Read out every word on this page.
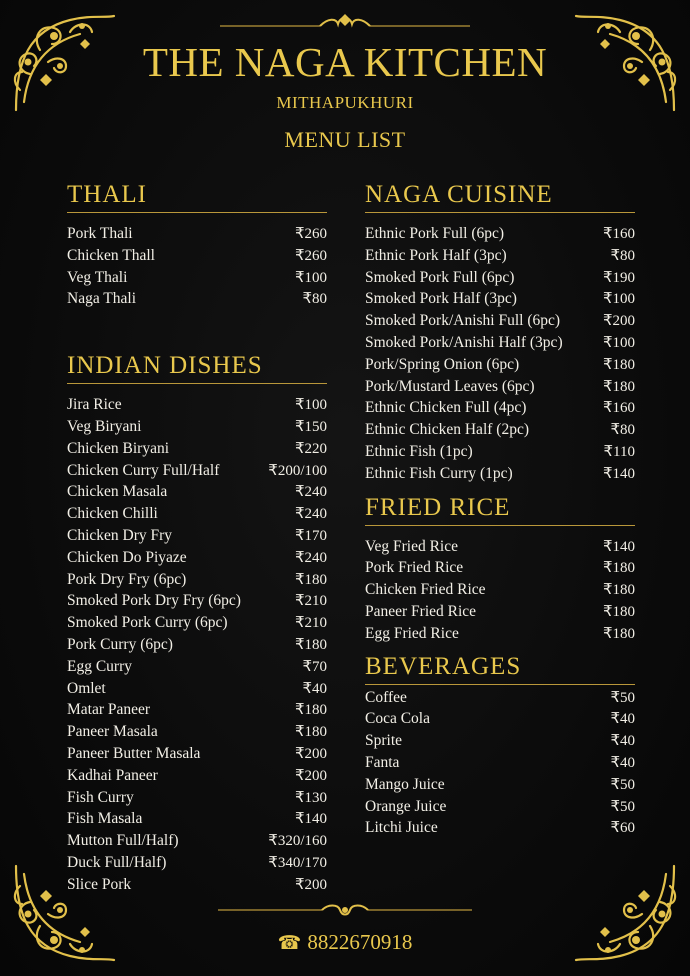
THE NAGA KITCHEN
MITHAPUKHURI
MENU LIST
THALI
Pork Thali	₹260
Chicken Thall	₹260
Veg Thali	₹100
Naga Thali	₹80
INDIAN DISHES
Jira Rice	₹100
Veg Biryani	₹150
Chicken Biryani	₹220
Chicken Curry Full/Half	₹200/100
Chicken Masala	₹240
Chicken Chilli	₹240
Chicken Dry Fry	₹170
Chicken Do Piyaze	₹240
Pork Dry Fry (6pc)	₹180
Smoked Pork Dry Fry (6pc)	₹210
Smoked Pork Curry (6pc)	₹210
Pork Curry (6pc)	₹180
Egg Curry	₹70
Omlet	₹40
Matar Paneer	₹180
Paneer Masala	₹180
Paneer Butter Masala	₹200
Kadhai Paneer	₹200
Fish Curry	₹130
Fish Masala	₹140
Mutton Full/Half)	₹320/160
Duck Full/Half)	₹340/170
Slice Pork	₹200
NAGA CUISINE
Ethnic Pork Full (6pc)	₹160
Ethnic Pork Half (3pc)	₹80
Smoked Pork Full (6pc)	₹190
Smoked Pork Half (3pc)	₹100
Smoked Pork/Anishi Full (6pc)	₹200
Smoked Pork/Anishi Half (3pc)	₹100
Pork/Spring Onion (6pc)	₹180
Pork/Mustard Leaves (6pc)	₹180
Ethnic Chicken Full (4pc)	₹160
Ethnic Chicken Half (2pc)	₹80
Ethnic Fish (1pc)	₹110
Ethnic Fish Curry (1pc)	₹140
FRIED RICE
Veg Fried Rice	₹140
Pork Fried Rice	₹180
Chicken Fried Rice	₹180
Paneer Fried Rice	₹180
Egg Fried Rice	₹180
BEVERAGES
Coffee	₹50
Coca Cola	₹40
Sprite	₹40
Fanta	₹40
Mango Juice	₹50
Orange Juice	₹50
Litchi Juice	₹60
☎ 8822670918
